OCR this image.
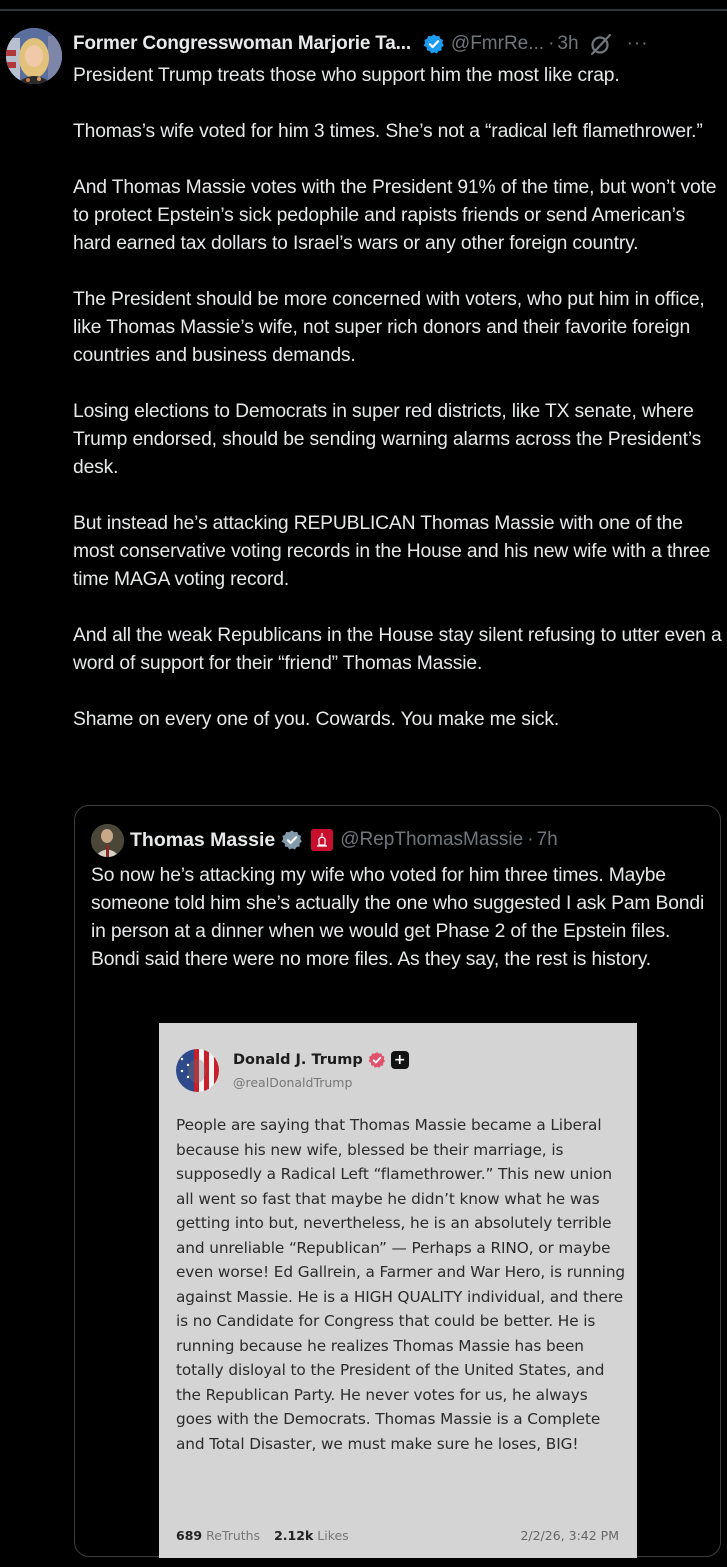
Former Congresswoman Marjorie Ta... @FmrRe... · 3h	···

President Trump treats those who support him the most like crap.

Thomas’s wife voted for him 3 times. She’s not a “radical left flamethrower.”

And Thomas Massie votes with the President 91% of the time, but won’t vote to protect Epstein’s sick pedophile and rapists friends or send American’s hard earned tax dollars to Israel’s wars or any other foreign country.

The President should be more concerned with voters, who put him in office, like Thomas Massie’s wife, not super rich donors and their favorite foreign countries and business demands.

Losing elections to Democrats in super red districts, like TX senate, where Trump endorsed, should be sending warning alarms across the President’s desk.

But instead he’s attacking REPUBLICAN Thomas Massie with one of the most conservative voting records in the House and his new wife with a three time MAGA voting record.

And all the weak Republicans in the House stay silent refusing to utter even a word of support for their “friend” Thomas Massie.

Shame on every one of you. Cowards. You make me sick.

Thomas Massie	@RepThomasMassie · 7h
So now he’s attacking my wife who voted for him three times. Maybe someone told him she’s actually the one who suggested I ask Pam Bondi in person at a dinner when we would get Phase 2 of the Epstein files. Bondi said there were no more files. As they say, the rest is history.
Donald J. Trump +
@realDonaldTrump
People are saying that Thomas Massie became a Liberal because his new wife, blessed be their marriage, is supposedly a Radical Left “flamethrower.” This new union all went so fast that maybe he didn’t know what he was getting into but, nevertheless, he is an absolutely terrible and unreliable “Republican” — Perhaps a RINO, or maybe even worse! Ed Gallrein, a Farmer and War Hero, is running against Massie. He is a HIGH QUALITY individual, and there is no Candidate for Congress that could be better. He is running because he realizes Thomas Massie has been totally disloyal to the President of the United States, and the Republican Party. He never votes for us, he always goes with the Democrats. Thomas Massie is a Complete and Total Disaster, we must make sure he loses, BIG!
689 ReTruths 2.12k Likes	2/2/26, 3:42 PM
